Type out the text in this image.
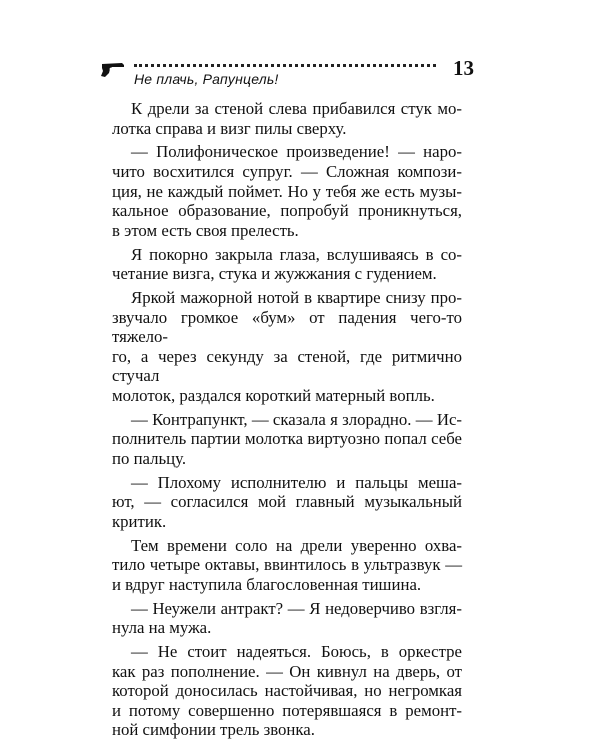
Не плачь, Рапунцель!	13
К дрели за стеной слева прибавился стук мо-
лотка справа и визг пилы сверху.
— Полифоническое произведение! — наро-
чито восхитился супруг. — Сложная компози-
ция, не каждый поймет. Но у тебя же есть музы-
кальное образование, попробуй проникнуться,
в этом есть своя прелесть.
Я покорно закрыла глаза, вслушиваясь в со-
четание визга, стука и жужжания с гудением.
Яркой мажорной нотой в квартире снизу про-
звучало громкое «бум» от падения чего-то тяжело-
го, а через секунду за стеной, где ритмично стучал
молоток, раздался короткий матерный вопль.
— Контрапункт, — сказала я злорадно. — Ис-
полнитель партии молотка виртуозно попал себе
по пальцу.
— Плохому исполнителю и пальцы меша-
ют, — согласился мой главный музыкальный
критик.
Тем времени соло на дрели уверенно охва-
тило четыре октавы, ввинтилось в ультразвук —
и вдруг наступила благословенная тишина.
— Неужели антракт? — Я недоверчиво взгля-
нула на мужа.
— Не стоит надеяться. Боюсь, в оркестре
как раз пополнение. — Он кивнул на дверь, от
которой доносилась настойчивая, но негромкая
и потому совершенно потерявшаяся в ремонт-
ной симфонии трель звонка.
